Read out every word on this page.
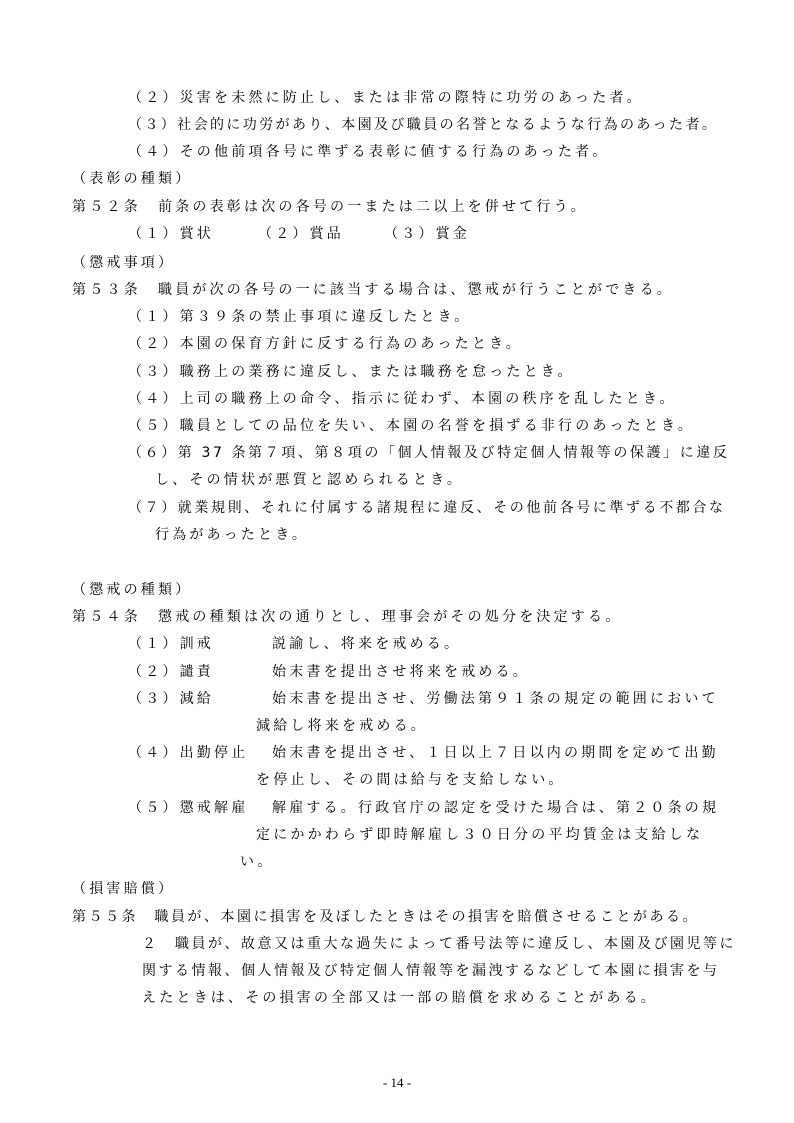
（２）災害を未然に防止し、または非常の際特に功労のあった者。
（３）社会的に功労があり、本園及び職員の名誉となるような行為のあった者。
（４）その他前項各号に準ずる表彰に値する行為のあった者。
（表彰の種類）
第５２条　前条の表彰は次の各号の一または二以上を併せて行う。
（１）賞状	（２）賞品	（３）賞金
（懲戒事項）
第５３条　職員が次の各号の一に該当する場合は、懲戒が行うことができる。
（１）第３９条の禁止事項に違反したとき。
（２）本園の保育方針に反する行為のあったとき。
（３）職務上の業務に違反し、または職務を怠ったとき。
（４）上司の職務上の命令、指示に従わず、本園の秩序を乱したとき。
（５）職員としての品位を失い、本園の名誉を損ずる非行のあったとき。
（６）第 37 条第７項、第８項の「個人情報及び特定個人情報等の保護」に違反
し、その情状が悪質と認められるとき。
（７）就業規則、それに付属する諸規程に違反、その他前各号に準ずる不都合な
行為があったとき。
（懲戒の種類）
第５４条　懲戒の種類は次の通りとし、理事会がその処分を決定する。
（１）訓戒	説諭し、将来を戒める。
（２）譴責	始末書を提出させ将来を戒める。
（３）減給	始末書を提出させ、労働法第９１条の規定の範囲において
減給し将来を戒める。
（４）出勤停止 始末書を提出させ、１日以上７日以内の期間を定めて出勤
を停止し、その間は給与を支給しない。
（５）懲戒解雇 解雇する。行政官庁の認定を受けた場合は、第２０条の規
定にかかわらず即時解雇し３０日分の平均賃金は支給しな
い。
（損害賠償）
第５５条　職員が、本園に損害を及ぼしたときはその損害を賠償させることがある。
２　職員が、故意又は重大な過失によって番号法等に違反し、本園及び園児等に
関する情報、個人情報及び特定個人情報等を漏洩するなどして本園に損害を与
えたときは、その損害の全部又は一部の賠償を求めることがある。
- 14 -
